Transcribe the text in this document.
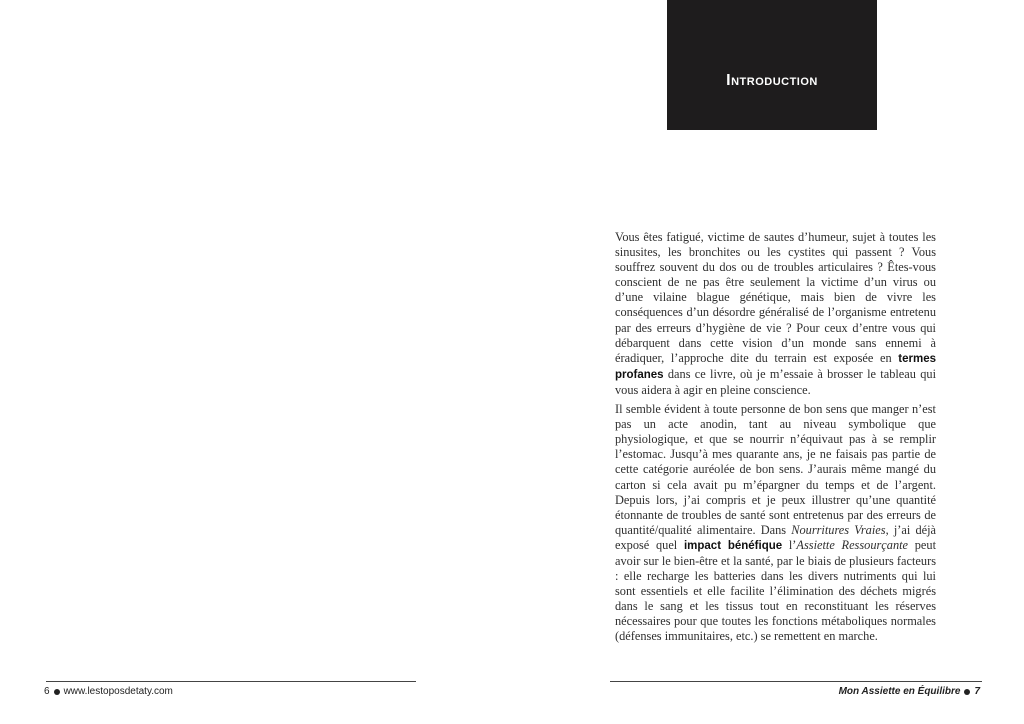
Introduction

Vous êtes fatigué, victime de sautes d’humeur, sujet à toutes les sinusites, les bronchites ou les cystites qui passent ? Vous souffrez souvent du dos ou de troubles articulaires ? Êtes-vous conscient de ne pas être seulement la victime d’un virus ou d’une vilaine blague génétique, mais bien de vivre les conséquences d’un désordre généralisé de l’organisme entretenu par des erreurs d’hygiène de vie ? Pour ceux d’entre vous qui débarquent dans cette vision d’un monde sans ennemi à éradiquer, l’approche dite du terrain est exposée en termes profanes dans ce livre, où je m’essaie à brosser le tableau qui vous aidera à agir en pleine conscience.

Il semble évident à toute personne de bon sens que manger n’est pas un acte anodin, tant au niveau symbolique que physiologique, et que se nourrir n’équivaut pas à se remplir l’estomac. Jusqu’à mes quarante ans, je ne faisais pas partie de cette catégorie auréolée de bon sens. J’aurais même mangé du carton si cela avait pu m’épargner du temps et de l’argent. Depuis lors, j’ai compris et je peux illustrer qu’une quantité étonnante de troubles de santé sont entretenus par des erreurs de quantité/qualité alimentaire. Dans Nourritures Vraies, j’ai déjà exposé quel impact bénéfique l’Assiette Ressourçante peut avoir sur le bien-être et la santé, par le biais de plusieurs facteurs : elle recharge les batteries dans les divers nutriments qui lui sont essentiels et elle facilite l’élimination des déchets migrés dans le sang et les tissus tout en reconstituant les réserves nécessaires pour que toutes les fonctions métaboliques normales (défenses immunitaires, etc.) se remettent en marche.

6 www.lestoposdetaty.com	Mon Assiette en Équilibre 7
